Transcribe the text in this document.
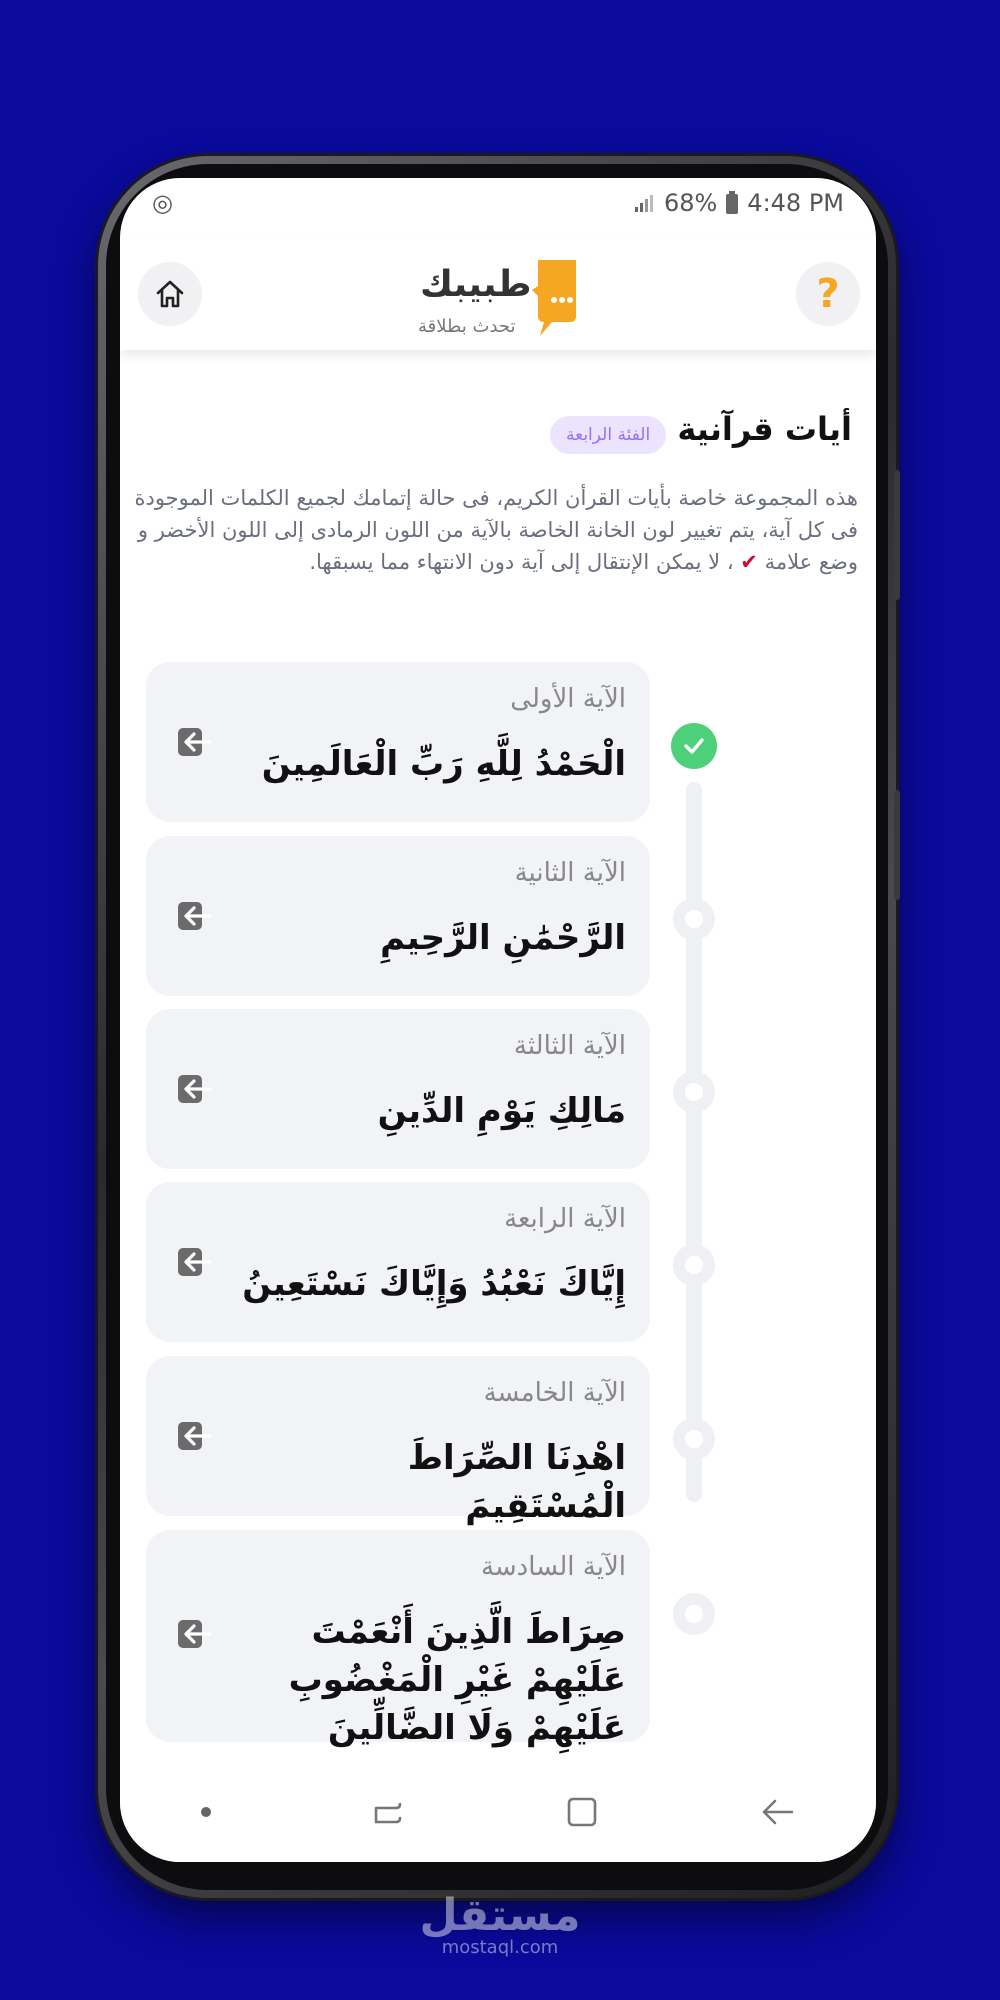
◎	68% 4:48 PM
طبيبك
تحدث بطلاقة
?
أيات قرآنية
الفئة الرابعة
هذه المجموعة خاصة بأيات القرأن الكريم، فى حالة إتمامك لجميع الكلمات الموجودة فى كل آية، يتم تغيير لون الخانة الخاصة بالآية من اللون الرمادى إلى اللون الأخضر و وضع علامة ✔ ، لا يمكن الإنتقال إلى آية دون الانتهاء مما يسبقها.
الآية الأولى
الْحَمْدُ لِلَّهِ رَبِّ الْعَالَمِينَ
الآية الثانية
الرَّحْمَٰنِ الرَّحِيمِ
الآية الثالثة
مَالِكِ يَوْمِ الدِّينِ
الآية الرابعة
إِيَّاكَ نَعْبُدُ وَإِيَّاكَ نَسْتَعِينُ
الآية الخامسة
اهْدِنَا الصِّرَاطَ الْمُسْتَقِيمَ
الآية السادسة
صِرَاطَ الَّذِينَ أَنْعَمْتَ عَلَيْهِمْ غَيْرِ الْمَغْضُوبِ عَلَيْهِمْ وَلَا الضَّالِّينَ
مستقل
mostaql.com
